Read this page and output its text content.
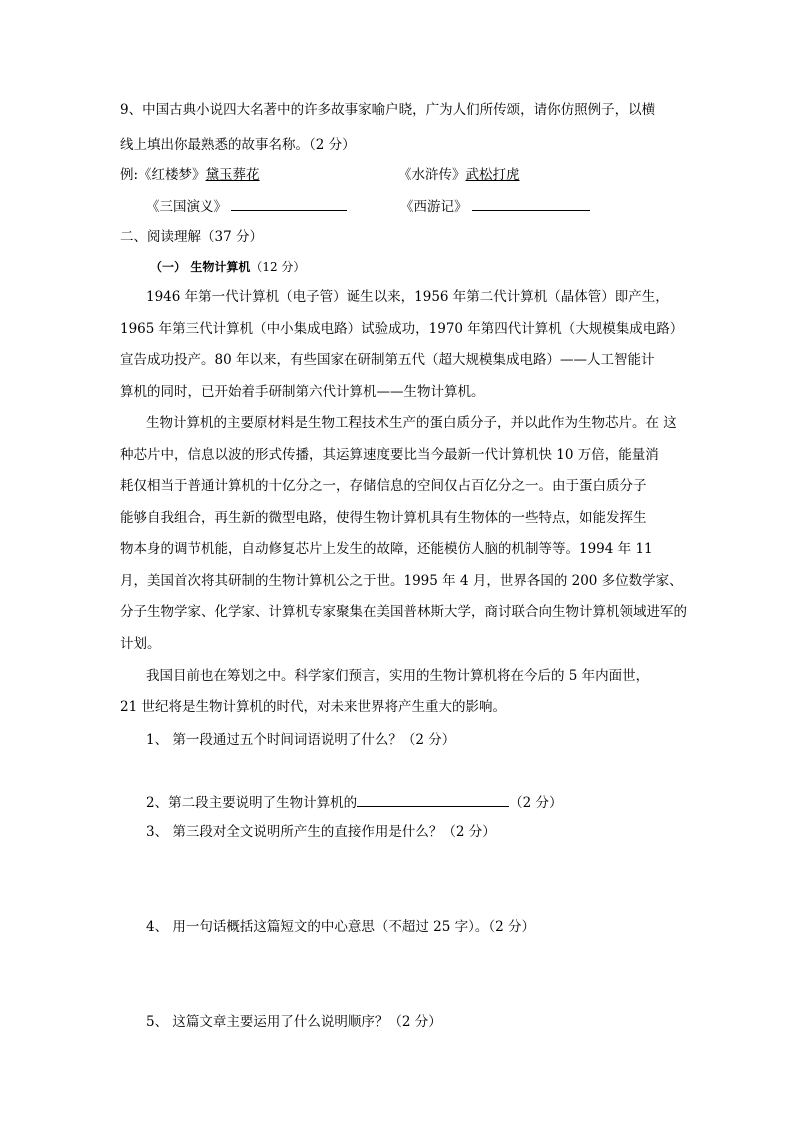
9、中国古典小说四大名著中的许多故事家喻户晓，广为人们所传颂，请你仿照例子，以横
线上填出你最熟悉的故事名称。（2 分）
例:《红楼梦》黛玉葬花	《水浒传》武松打虎
《三国演义》	《西游记》
二、阅读理解（37 分）
（一） 生物计算机（12 分）
1946 年第一代计算机（电子管）诞生以来，1956 年第二代计算机（晶体管）即产生，
1965 年第三代计算机（中小集成电路）试验成功，1970 年第四代计算机（大规模集成电路）
宣告成功投产。80 年以来，有些国家在研制第五代（超大规模集成电路）——人工智能计
算机的同时，已开始着手研制第六代计算机——生物计算机。
生物计算机的主要原材料是生物工程技术生产的蛋白质分子，并以此作为生物芯片。在 这
种芯片中，信息以波的形式传播，其运算速度要比当今最新一代计算机快 10 万倍，能量消
耗仅相当于普通计算机的十亿分之一，存储信息的空间仅占百亿分之一。由于蛋白质分子
能够自我组合，再生新的微型电路，使得生物计算机具有生物体的一些特点，如能发挥生
物本身的调节机能，自动修复芯片上发生的故障，还能模仿人脑的机制等等。1994 年 11
月，美国首次将其研制的生物计算机公之于世。1995 年 4 月，世界各国的 200 多位数学家、
分子生物学家、化学家、计算机专家聚集在美国普林斯大学，商讨联合向生物计算机领域进军的
计划。
我国目前也在筹划之中。科学家们预言，实用的生物计算机将在今后的 5 年内面世，
21 世纪将是生物计算机的时代，对未来世界将产生重大的影响。
1、 第一段通过五个时间词语说明了什么？（2 分）
2、第二段主要说明了生物计算机的	（2 分）
3、 第三段对全文说明所产生的直接作用是什么？（2 分）
4、 用一句话概括这篇短文的中心意思（不超过 25 字）。（2 分）
5、 这篇文章主要运用了什么说明顺序？（2 分）
